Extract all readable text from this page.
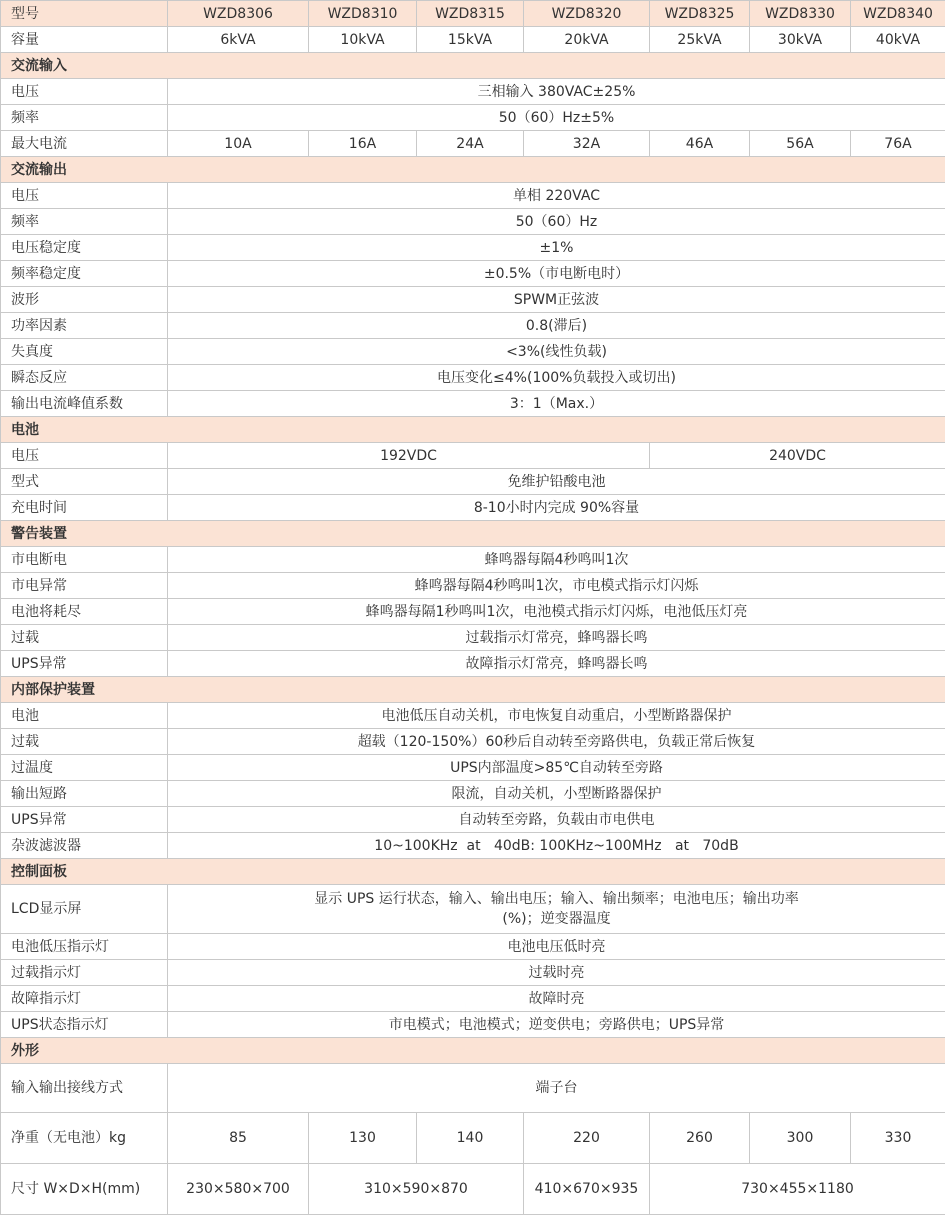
型号	WZD8306	WZD8310	WZD8315	WZD8320	WZD8325	WZD8330	WZD8340
容量	6kVA	10kVA	15kVA	20kVA	25kVA	30kVA	40kVA
交流输入							
电压	三相输入 380VAC±25%						
频率	50（60）Hz±5%						
最大电流	10A	16A	24A	32A	46A	56A	76A
交流输出							
电压	单相 220VAC						
频率	50（60）Hz						
电压稳定度	±1%						
频率稳定度	±0.5%（市电断电时）						
波形	SPWM正弦波						
功率因素	0.8(滞后)						
失真度	<3%(线性负载)						
瞬态反应	电压变化≤4%(100%负载投入或切出)						
输出电流峰值系数	3：1（Max.）						
电池							
电压	192VDC				240VDC		
型式	免维护铅酸电池						
充电时间	8-10小时内完成 90%容量						
警告装置							
市电断电	蜂鸣器每隔4秒鸣叫1次						
市电异常	蜂鸣器每隔4秒鸣叫1次，市电模式指示灯闪烁						
电池将耗尽	蜂鸣器每隔1秒鸣叫1次，电池模式指示灯闪烁，电池低压灯亮						
过载	过载指示灯常亮，蜂鸣器长鸣						
UPS异常	故障指示灯常亮，蜂鸣器长鸣						
内部保护装置							
电池	电池低压自动关机，市电恢复自动重启，小型断路器保护						
过载	超载（120-150%）60秒后自动转至旁路供电，负载正常后恢复						
过温度	UPS内部温度>85℃自动转至旁路						
输出短路	限流，自动关机，小型断路器保护						
UPS异常	自动转至旁路，负载由市电供电						
杂波滤波器	10~100KHz  at   40dB: 100KHz~100MHz   at   70dB						
控制面板							
LCD显示屏	显示 UPS 运行状态，输入、输出电压；输入、输出频率；电池电压；输出功率
(%)；逆变器温度						

电池低压指示灯	电池电压低时亮						
过载指示灯	过载时亮						
故障指示灯	故障时亮						
UPS状态指示灯	市电模式；电池模式；逆变供电；旁路供电；UPS异常						
外形							
输入输出接线方式	端子台						
净重（无电池）kg	85	130	140	220	260	300	330
尺寸 W×D×H(mm)	230×580×700	310×590×870		410×670×935	730×455×1180		
